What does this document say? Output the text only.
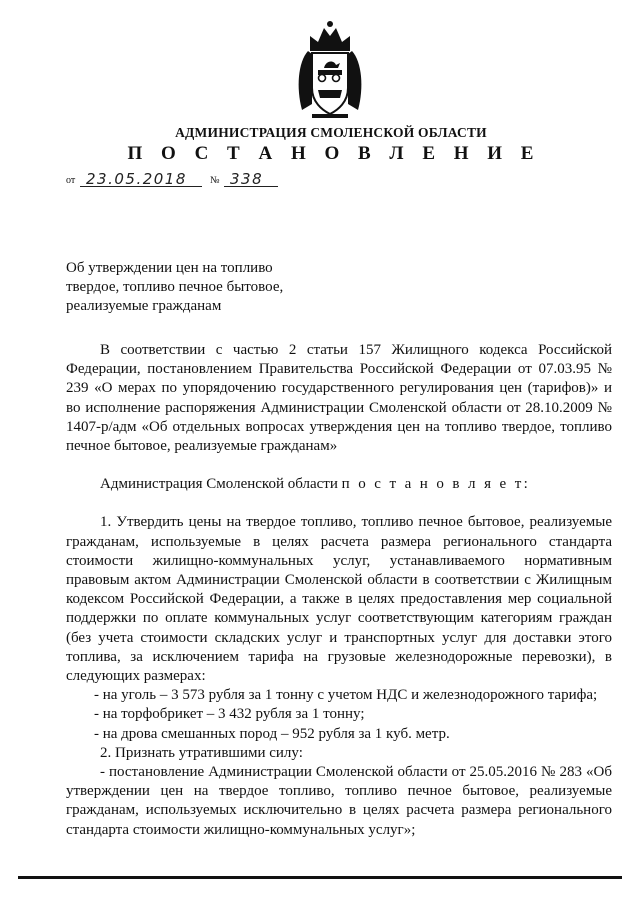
АДМИНИСТРАЦИЯ СМОЛЕНСКОЙ ОБЛАСТИ
П О С Т А Н О В Л Е Н И Е
от 23.05.2018 № 338
Об утверждении цен на топливо твердое, топливо печное бытовое, реализуемые гражданам

В соответствии с частью 2 статьи 157 Жилищного кодекса Российской Федерации, постановлением Правительства Российской Федерации от 07.03.95 № 239 «О мерах по упорядочению государственного регулирования цен (тарифов)» и во исполнение распоряжения Администрации Смоленской области от 28.10.2009 № 1407-р/адм «Об отдельных вопросах утверждения цен на топливо твердое, топливо печное бытовое, реализуемые гражданам»

Администрация Смоленской области п о с т а н о в л я е т:

1. Утвердить цены на твердое топливо, топливо печное бытовое, реализуемые гражданам, используемые в целях расчета размера регионального стандарта стоимости жилищно-коммунальных услуг, устанавливаемого нормативным правовым актом Администрации Смоленской области в соответствии с Жилищным кодексом Российской Федерации, а также в целях предоставления мер социальной поддержки по оплате коммунальных услуг соответствующим категориям граждан (без учета стоимости складских услуг и транспортных услуг для доставки этого топлива, за исключением тарифа на грузовые железнодорожные перевозки), в следующих размерах:

- на уголь – 3 573 рубля за 1 тонну с учетом НДС и железнодорожного тарифа;

- на торфобрикет – 3 432 рубля за 1 тонну;

- на дрова смешанных пород – 952 рубля за 1 куб. метр.

2. Признать утратившими силу:

- постановление Администрации Смоленской области от 25.05.2016 № 283 «Об утверждении цен на твердое топливо, топливо печное бытовое, реализуемые гражданам, используемых исключительно в целях расчета размера регионального стандарта стоимости жилищно-коммунальных услуг»;
